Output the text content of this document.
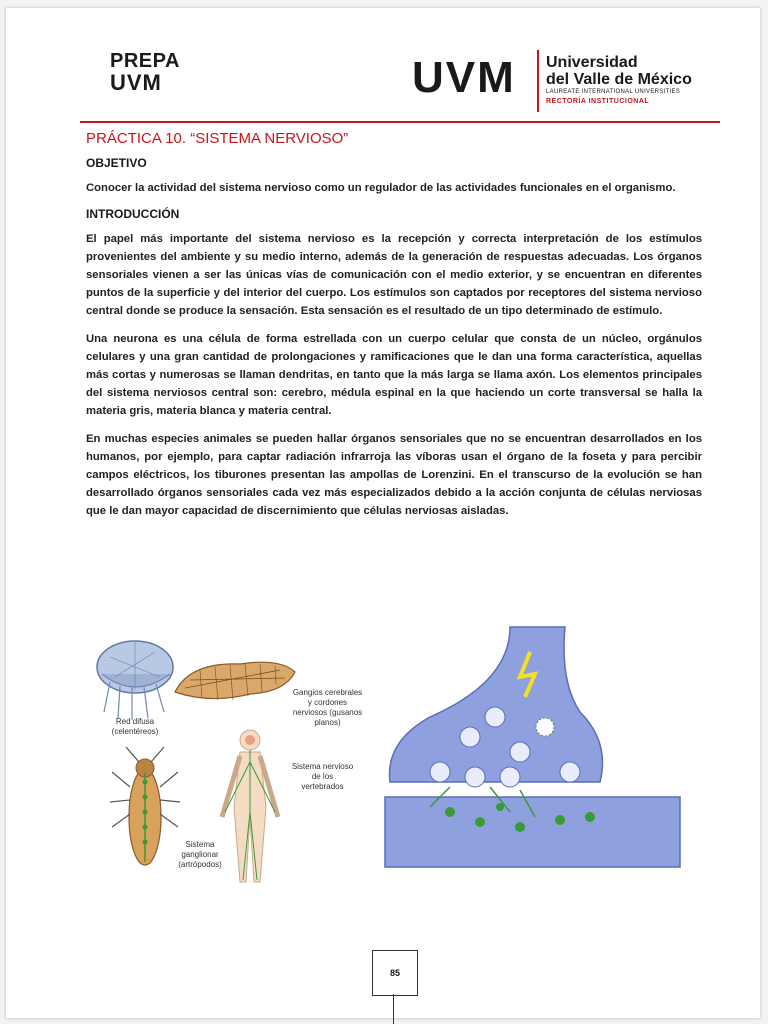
PREPA
UVM	UVM Universidad
del Valle de México
LAUREATE INTERNATIONAL UNIVERSITIES
RECTORÍA INSTITUCIONAL
PRÁCTICA 10. “SISTEMA NERVIOSO”
OBJETIVO

Conocer la actividad del sistema nervioso como un regulador de las actividades funcionales en el organismo.

INTRODUCCIÓN

El papel más importante del sistema nervioso es la recepción y correcta interpretación de los estímulos provenientes del ambiente y su medio interno, además de la generación de respuestas adecuadas. Los órganos sensoriales vienen a ser las únicas vías de comunicación con el medio exterior, y se encuentran en diferentes puntos de la superficie y del interior del cuerpo. Los estímulos son captados por receptores del sistema nervioso central donde se produce la sensación. Esta sensación es el resultado de un tipo determinado de estímulo.

Una neurona es una célula de forma estrellada con un cuerpo celular que consta de un núcleo, orgánulos celulares y una gran cantidad de prolongaciones y ramificaciones que le dan una forma característica, aquellas más cortas y numerosas se llaman dendritas, en tanto que la más larga se llama axón. Los elementos principales del sistema nerviosos central son: cerebro, médula espinal en la que haciendo un corte transversal se halla la materia gris, materia blanca y materia central.

En muchas especies animales se pueden hallar órganos sensoriales que no se encuentran desarrollados en los humanos, por ejemplo, para captar radiación infrarroja las víboras usan el órgano de la foseta y para percibir campos eléctricos, los tiburones presentan las ampollas de Lorenzini. En el transcurso de la evolución se han desarrollado órganos sensoriales cada vez más especializados debido a la acción conjunta de células nerviosas que le dan mayor capacidad de discernimiento que células nerviosas aisladas.

Red difusa
(celentéreos)
Gangios cerebrales
y cordones
nerviosos (gusanos
planos)
Sistema nervioso
de los
vertebrados
Sistema
ganglionar
(artrópodos)
85
